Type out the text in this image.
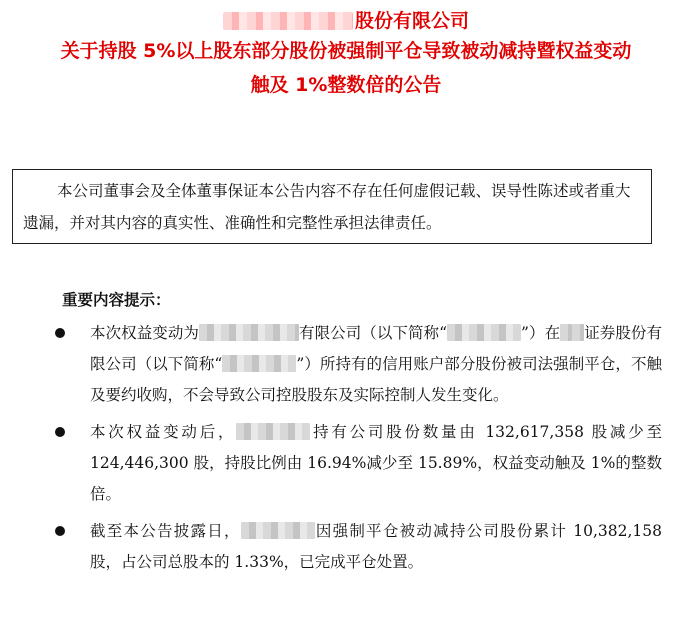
股份有限公司
关于持股 5%以上股东部分股份被强制平仓导致被动减持暨权益变动
触及 1%整数倍的公告

本公司董事会及全体董事保证本公告内容不存在任何虚假记载、误导性陈述或者重大遗漏，并对其内容的真实性、准确性和完整性承担法律责任。

重要内容提示：
本次权益变动为	有限公司（以下简称“	”）在 证券股份有限公司（以下简称“	”）所持有的信用账户部分股份被司法强制平仓，不触及要约收购，不会导致公司控股股东及实际控制人发生变化。
本次权益变动后，	持有公司股份数量由 132,617,358 股减少至 124,446,300 股，持股比例由 16.94%减少至 15.89%，权益变动触及 1%的整数倍。
截至本公告披露日，	因强制平仓被动减持公司股份累计 10,382,158 股，占公司总股本的 1.33%，已完成平仓处置。
